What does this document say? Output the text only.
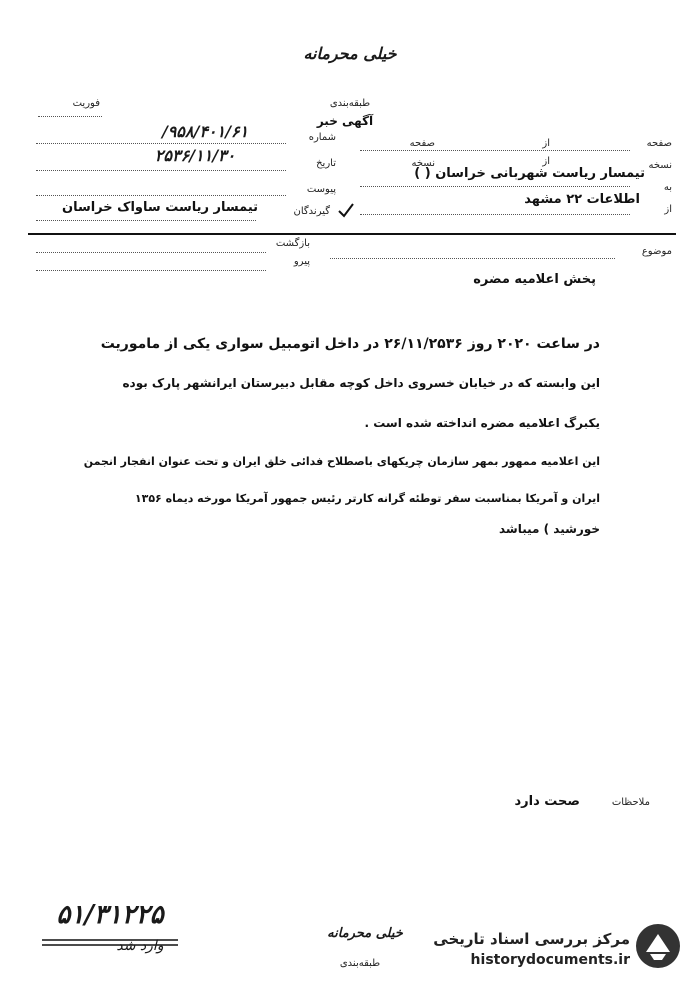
خیلی محرمانه
فوریت	طبقه‌بندی
آگهی خبر
شماره
۹۵۸/۴۰۱/۶۱/
تاریخ
۲۵۳۶/۱۱/۳۰
پیوست
گیرندگان
تیمسار ریاست ساواک خراسان
صفحه
از
صفحه
نسخه
از
نسخه
به
تیمسار ریاست شهربانی خراسان ( )
از
اطلاعات ۲۲ مشهد
بازگشت
پیرو
موضوع
پخش اعلامیه مضره
در ساعت ۲۰۲۰ روز ۲۶/۱۱/۲۵۳۶ در داخل اتومبیل سواری یکی از ماموریت
این وابسته که در خیابان خسروی داخل کوچه مقابل دبیرستان ایرانشهر پارک بوده
یکبرگ اعلامیه مضره انداخته شده است .
این اعلامیه ممهور بمهر سازمان چریکهای باصطلاح فدائی خلق ایران و تحت عنوان انفجار انجمن
ایران و آمریکا بمناسبت سفر توطئه گرانه کارتر رئیس جمهور آمریکا مورخه دیماه ۱۳۵۶
خورشید ) میباشد
ملاحظات
صحت دارد
۵۱/۳۱۲۲۵
وارد شد
خیلی محرمانه
طبقه‌بندی
مرکز بررسی اسناد تاریخی
historydocuments.ir
